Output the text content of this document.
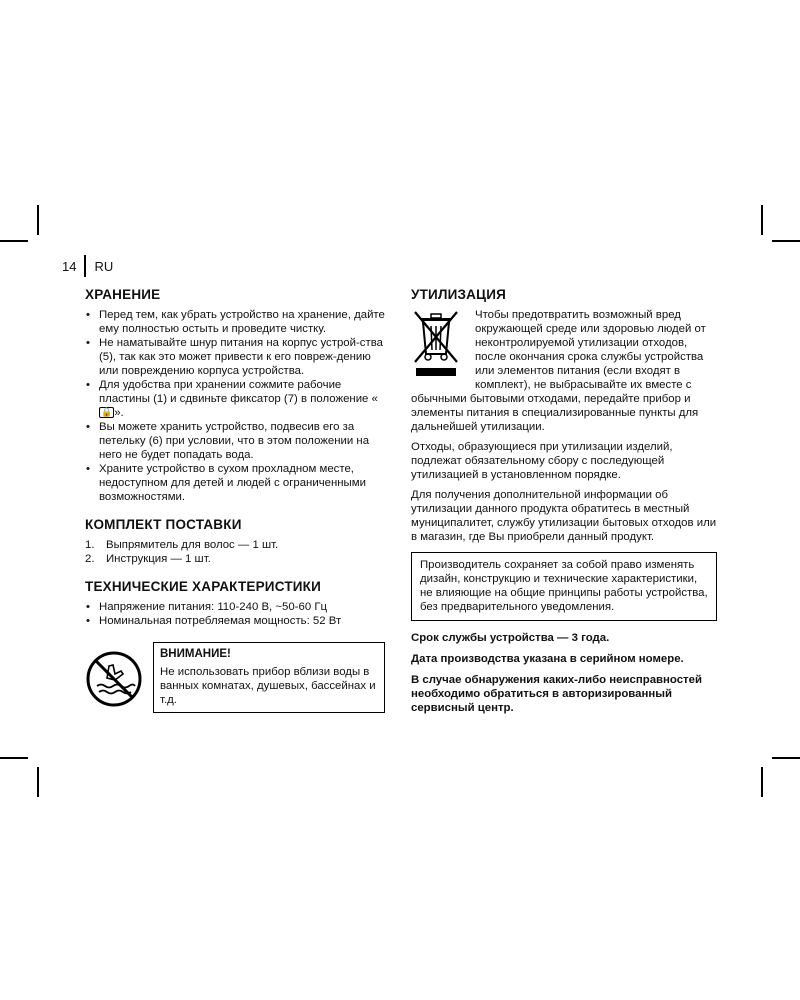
14 RU
ХРАНЕНИЕ
• Перед тем, как убрать устройство на хранение, дайте ему полностью остыть и проведите чистку.
• Не наматывайте шнур питания на корпус устрой-ства (5), так как это может привести к его повреж-дению или повреждению корпуса устройства.
• Для удобства при хранении сожмите рабочие пластины (1) и сдвиньте фиксатор (7) в положение «🔒 ».
• Вы можете хранить устройство, подвесив его за петельку (6) при условии, что в этом положении на него не будет попадать вода.
• Храните устройство в сухом прохладном месте, недоступном для детей и людей с ограниченными возможностями.
КОМПЛЕКТ ПОСТАВКИ
1.	Выпрямитель для волос — 1 шт.
2.	Инструкция — 1 шт.
ТЕХНИЧЕСКИЕ ХАРАКТЕРИСТИКИ
• Напряжение питания: 110-240 В, ~50-60 Гц
• Номинальная потребляемая мощность: 52 Вт
ВНИМАНИЕ!
Не использовать прибор вблизи воды в ванных комнатах, душевых, бассейнах и т.д.
УТИЛИЗАЦИЯ

Чтобы предотвратить возможный вред окружающей среде или здоровью людей от неконтролируемой утилизации отходов, после окончания срока службы устройства или элементов питания (если входят в комплект), не выбрасывайте их вместе с обычными бытовыми отходами, передайте прибор и элементы питания в специализированные пункты для дальнейшей утилизации.

Отходы, образующиеся при утилизации изделий, подлежат обязательному сбору с последующей утилизацией в установленном порядке.

Для получения дополнительной информации об утилизации данного продукта обратитесь в местный муниципалитет, службу утилизации бытовых отходов или в магазин, где Вы приобрели данный продукт.

Производитель сохраняет за собой право изменять дизайн, конструкцию и технические характеристики, не влияющие на общие принципы работы устройства, без предварительного уведомления.

Срок службы устройства — 3 года.

Дата производства указана в серийном номере.

В случае обнаружения каких-либо неисправностей необходимо обратиться в авторизированный сервисный центр.
